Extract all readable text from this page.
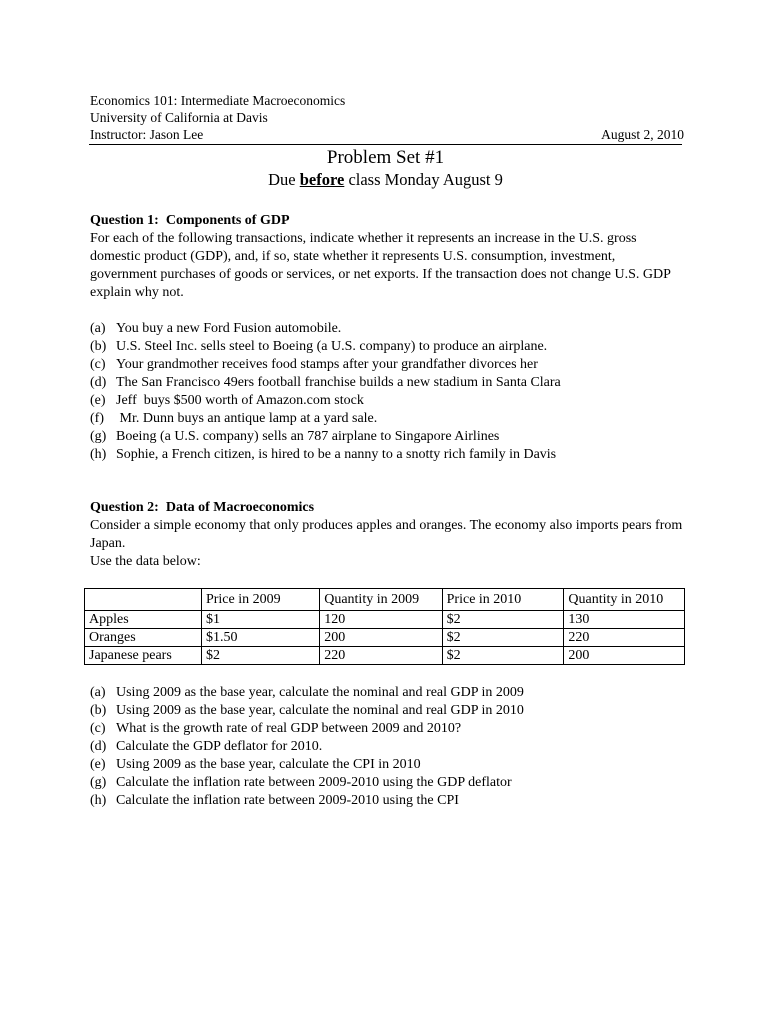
Economics 101: Intermediate Macroeconomics
University of California at Davis
Instructor: Jason Lee	August 2, 2010
Problem Set #1
Due before class Monday August 9
Question 1: Components of GDP

For each of the following transactions, indicate whether it represents an increase in the U.S. gross domestic product (GDP), and, if so, state whether it represents U.S. consumption, investment, government purchases of goods or services, or net exports. If the transaction does not change U.S. GDP explain why not.

(a) You buy a new Ford Fusion automobile.
(b) U.S. Steel Inc. sells steel to Boeing (a U.S. company) to produce an airplane.
(c) Your grandmother receives food stamps after your grandfather divorces her
(d) The San Francisco 49ers football franchise builds a new stadium in Santa Clara
(e) Jeff  buys $500 worth of Amazon.com stock
(f) Mr. Dunn buys an antique lamp at a yard sale.
(g) Boeing (a U.S. company) sells an 787 airplane to Singapore Airlines
(h) Sophie, a French citizen, is hired to be a nanny to a snotty rich family in Davis
Question 2: Data of Macroeconomics

Consider a simple economy that only produces apples and oranges. The economy also imports pears from Japan.

Use the data below:

	Price in 2009	Quantity in 2009	Price in 2010	Quantity in 2010
Apples	$1	120	$2	130
Oranges	$1.50	200	$2	220
Japanese pears	$2	220	$2	200
(a) Using 2009 as the base year, calculate the nominal and real GDP in 2009
(b) Using 2009 as the base year, calculate the nominal and real GDP in 2010
(c) What is the growth rate of real GDP between 2009 and 2010?
(d) Calculate the GDP deflator for 2010.
(e) Using 2009 as the base year, calculate the CPI in 2010
(g) Calculate the inflation rate between 2009-2010 using the GDP deflator
(h) Calculate the inflation rate between 2009-2010 using the CPI
